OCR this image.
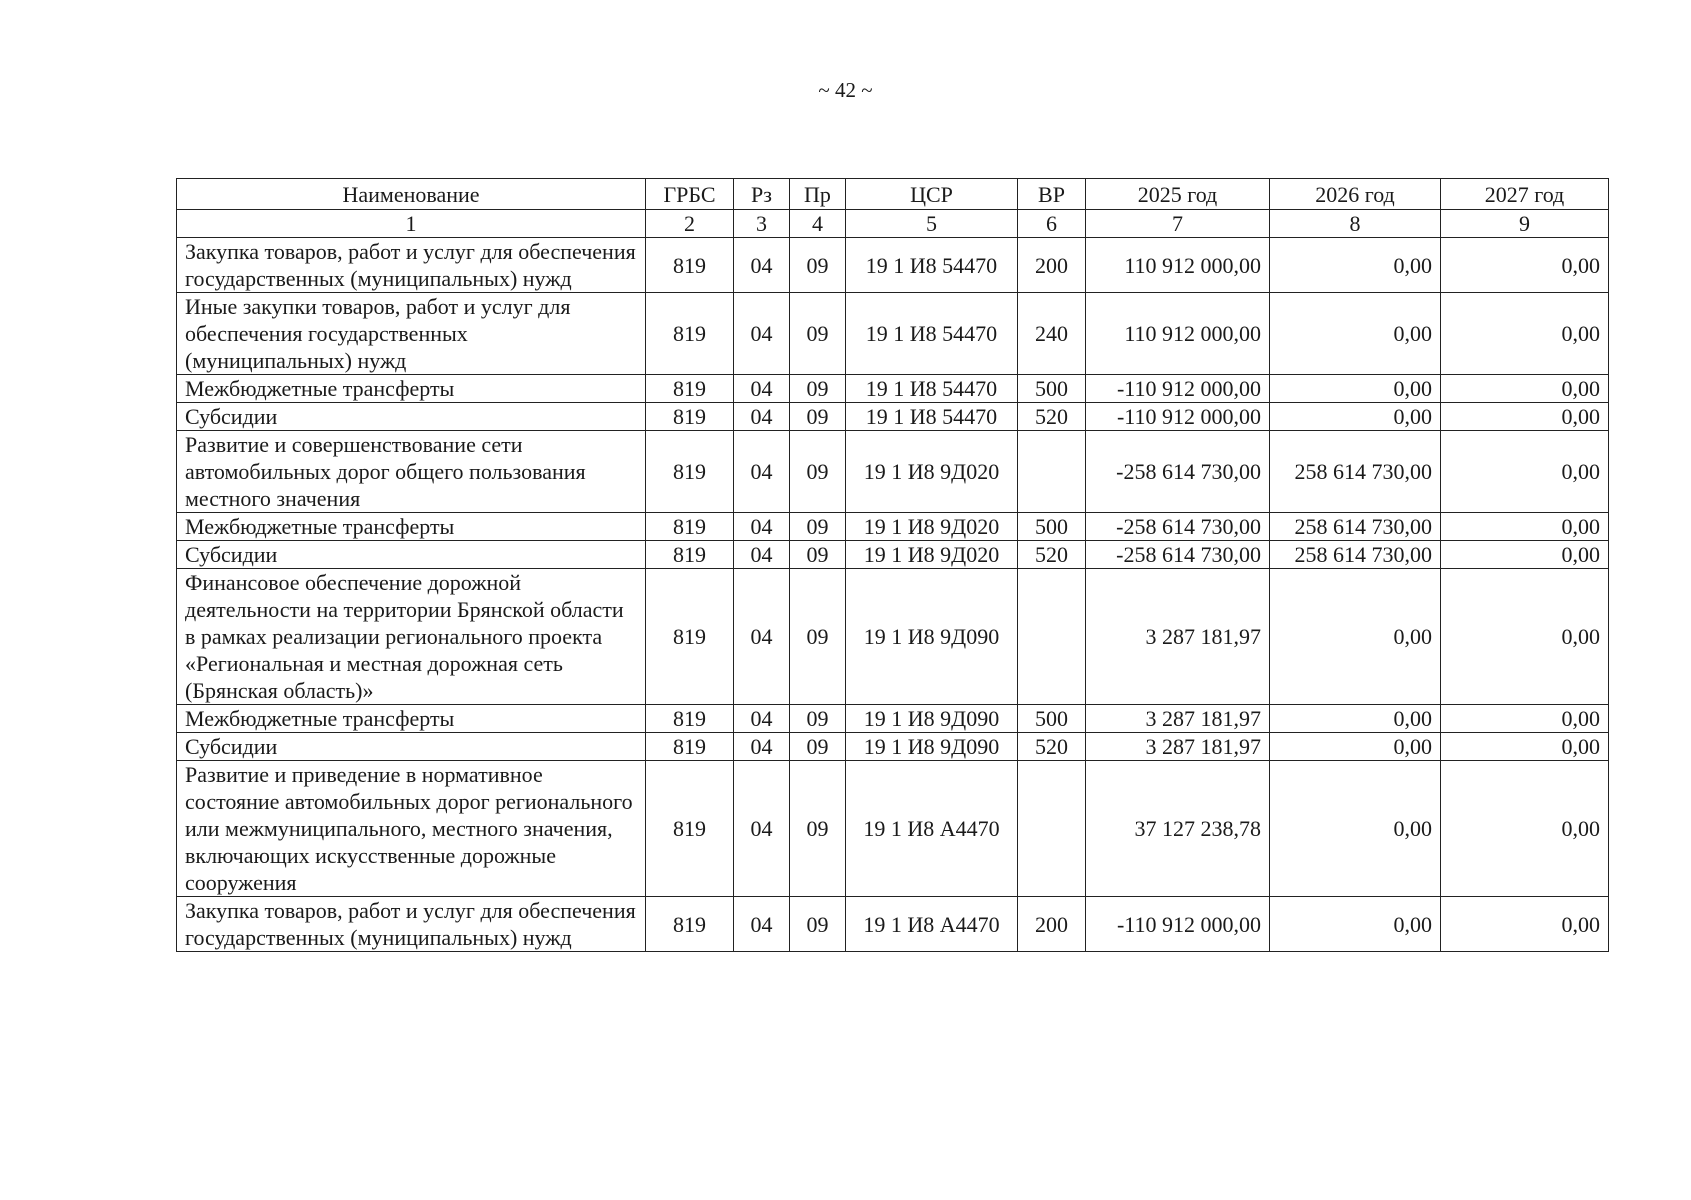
~ 42 ~
Наименование	ГРБС	Рз	Пр	ЦСР	ВР	2025 год	2026 год	2027 год
1	2	3	4	5	6	7	8	9
Закупка товаров, работ и услуг для обеспечения государственных (муниципальных) нужд	819	04	09	19 1 И8 54470	200	110 912 000,00	0,00	0,00
Иные закупки товаров, работ и услуг для обеспечения государственных (муниципальных) нужд	819	04	09	19 1 И8 54470	240	110 912 000,00	0,00	0,00
Межбюджетные трансферты	819	04	09	19 1 И8 54470	500	-110 912 000,00	0,00	0,00
Субсидии	819	04	09	19 1 И8 54470	520	-110 912 000,00	0,00	0,00
Развитие и совершенствование сети автомобильных дорог общего пользования местного значения	819	04	09	19 1 И8 9Д020		-258 614 730,00	258 614 730,00	0,00
Межбюджетные трансферты	819	04	09	19 1 И8 9Д020	500	-258 614 730,00	258 614 730,00	0,00
Субсидии	819	04	09	19 1 И8 9Д020	520	-258 614 730,00	258 614 730,00	0,00
Финансовое обеспечение дорожной деятельности на территории Брянской области в рамках реализации регионального проекта «Региональная и местная дорожная сеть (Брянская область)»	819	04	09	19 1 И8 9Д090		3 287 181,97	0,00	0,00
Межбюджетные трансферты	819	04	09	19 1 И8 9Д090	500	3 287 181,97	0,00	0,00
Субсидии	819	04	09	19 1 И8 9Д090	520	3 287 181,97	0,00	0,00
Развитие и приведение в нормативное состояние автомобильных дорог регионального или межмуниципального, местного значения, включающих искусственные дорожные сооружения	819	04	09	19 1 И8 А4470		37 127 238,78	0,00	0,00
Закупка товаров, работ и услуг для обеспечения государственных (муниципальных) нужд	819	04	09	19 1 И8 А4470	200	-110 912 000,00	0,00	0,00
